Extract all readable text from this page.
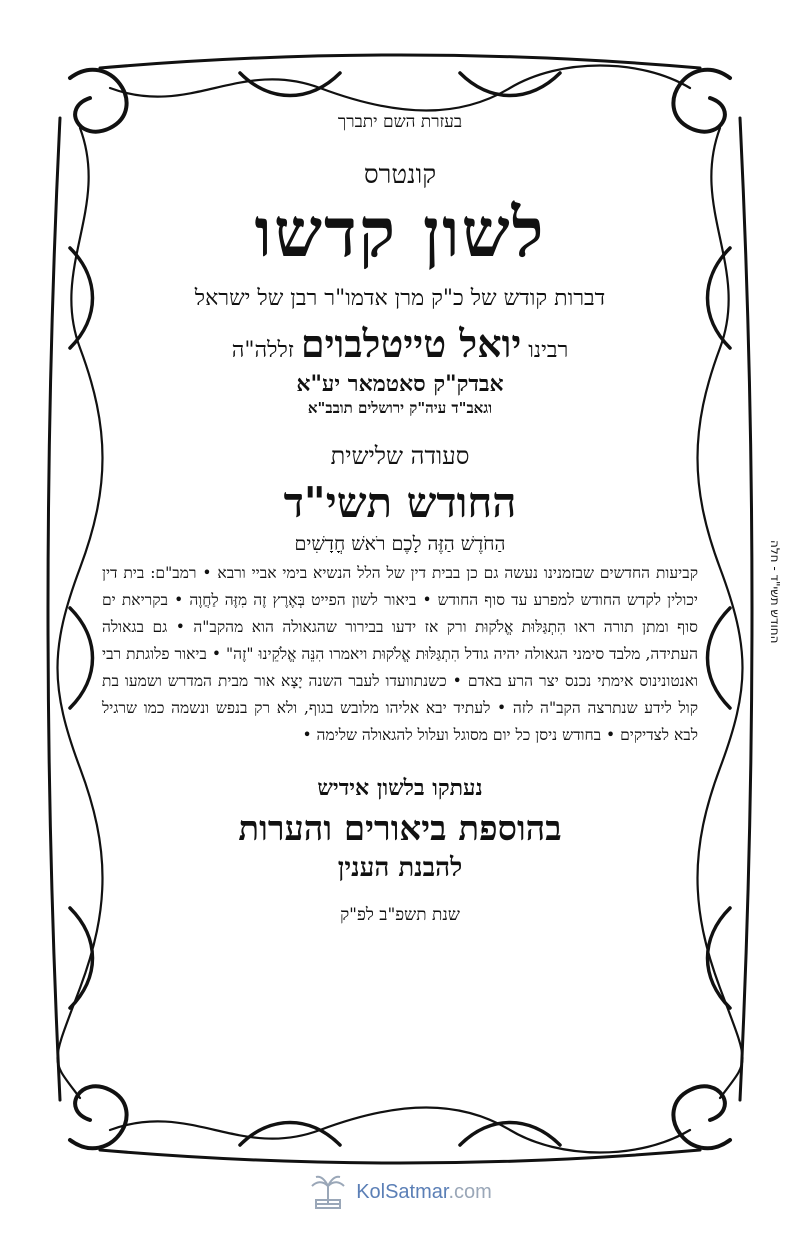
בעזרת השם יתברך
קונטרס
לשון קדשו
דברות קודש של כ"ק מרן אדמו"ר רבן של ישראל
רבינו יואל טייטלבוים זללה"ה
אבדק"ק סאטמאר יע"א
וגאב"ד עיה"ק ירושלים תובב"א
סעודה שלישית
החודש תשי"ד
הַחֹדֶשׁ הַזֶּה לָכֶם רֹאשׁ חֳדָשִׁים

קביעות החדשים שבזמנינו נעשה גם כן בבית דין של הלל הנשיא בימי אביי ורבא • רמב"ם: בית דין יכולין לקדש החודש למפרע עד סוף החודש • ביאור לשון הפייט בְּאֶרֶץ זֶה מִזֶּה לַחֲוֶה • בקריאת ים סוף ומתן תורה ראו הִתְגַּלּוּת אֱלֹקוּת ורק אז ידעו בבירור שהגאולה הוא מהקב"ה • גם בגאולה העתידה, מלבד סימני הגאולה יהיה גודל הִתְגַּלּוּת אֱלֹקוּת ויאמרו הִנֵּה אֱלֹקֵינוּ "זֶה" • ביאור פלוגתת רבי ואנטונינוס אימתי נכנס יצר הרע באדם • כשנתוועדו לעבר השנה יָצָא אור מבית המדרש ושמעו בת קול לידע שנתרצה הקב"ה לזה • לעתיד יבא אליהו מלובש בגוף, ולא רק בנפש ונשמה כמו שרגיל לבא לצדיקים • בחודש ניסן כל יום מסוגל ועלול להגאולה שלימה •

נעתקו בלשון אידיש
בהוספת ביאורים והערות
להבנת הענין
שנת תשפ"ב לפ"ק
החודש תשי"ד - חלה
KolSatmar.com
